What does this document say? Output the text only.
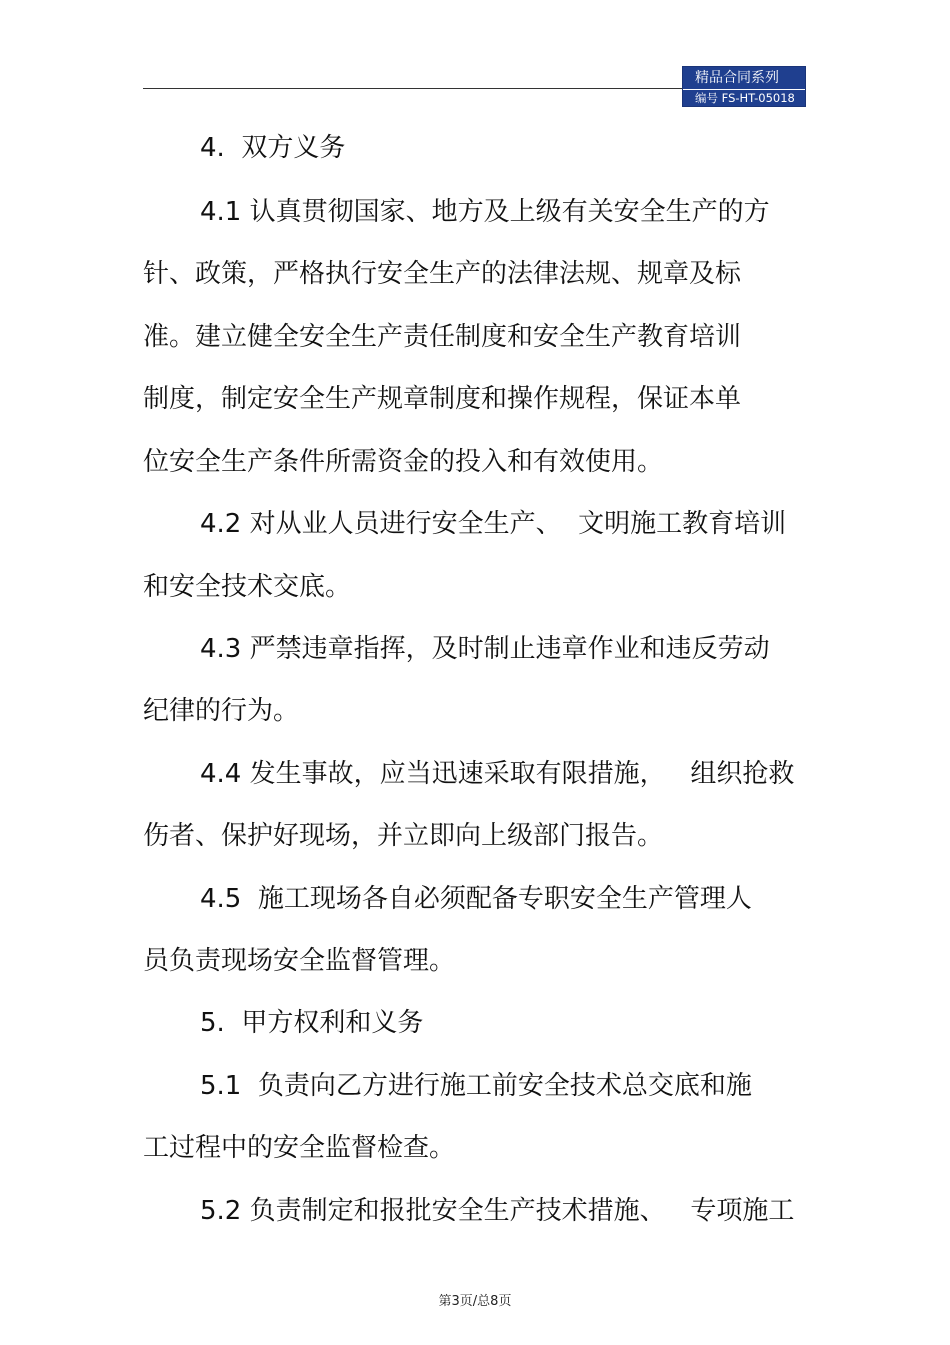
精品合同系列
编号 FS-HT-05018
4.  双方义务
4.1 认真贯彻国家、地方及上级有关安全生产的方
针、政策，严格执行安全生产的法律法规、规章及标
准。建立健全安全生产责任制度和安全生产教育培训
制度，制定安全生产规章制度和操作规程，保证本单
位安全生产条件所需资金的投入和有效使用。
4.2 对从业人员进行安全生产、  文明施工教育培训
和安全技术交底。
4.3 严禁违章指挥，及时制止违章作业和违反劳动
纪律的行为。
4.4 发生事故，应当迅速采取有限措施，   组织抢救
伤者、保护好现场，并立即向上级部门报告。
4.5  施工现场各自必须配备专职安全生产管理人
员负责现场安全监督管理。
5.  甲方权利和义务
5.1  负责向乙方进行施工前安全技术总交底和施
工过程中的安全监督检查。
5.2 负责制定和报批安全生产技术措施、   专项施工
第3页/总8页
